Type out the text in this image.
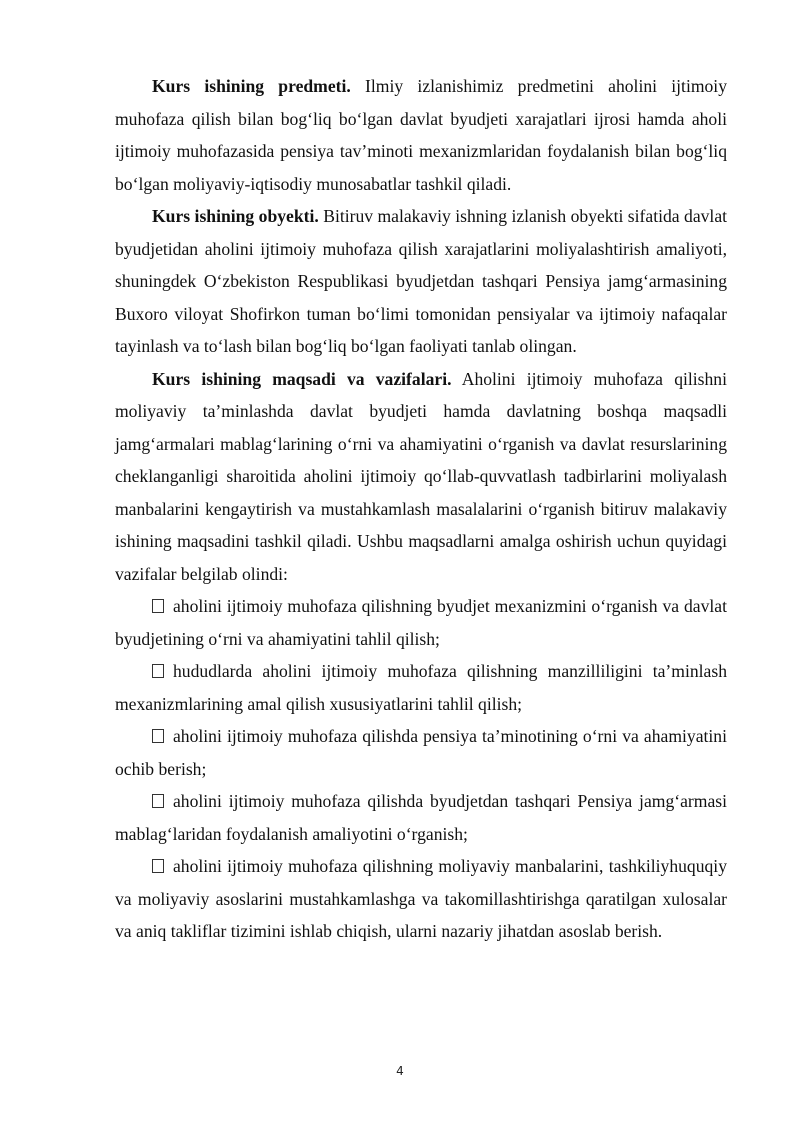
Kurs ishining predmeti. Ilmiy izlanishimiz predmetini aholini ijtimoiy muhofaza qilish bilan bog‘liq bo‘lgan davlat byudjeti xarajatlari ijrosi hamda aholi ijtimoiy muhofazasida pensiya tav’minoti mexanizmlaridan foydalanish bilan bog‘liq bo‘lgan moliyaviy-iqtisodiy munosabatlar tashkil qiladi.

Kurs ishining obyekti. Bitiruv malakaviy ishning izlanish obyekti sifatida davlat byudjetidan aholini ijtimoiy muhofaza qilish xarajatlarini moliyalashtirish amaliyoti, shuningdek O‘zbekiston Respublikasi byudjetdan tashqari Pensiya jamg‘armasining Buxoro viloyat Shofirkon tuman bo‘limi tomonidan pensiyalar va ijtimoiy nafaqalar tayinlash va to‘lash bilan bog‘liq bo‘lgan faoliyati tanlab olingan.

Kurs ishining maqsadi va vazifalari. Aholini ijtimoiy muhofaza qilishni moliyaviy ta’minlashda davlat byudjeti hamda davlatning boshqa maqsadli jamg‘armalari mablag‘larining o‘rni va ahamiyatini o‘rganish va davlat resurslarining cheklanganligi sharoitida aholini ijtimoiy qo‘llab-quvvatlash tadbirlarini moliyalash manbalarini kengaytirish va mustahkamlash masalalarini o‘rganish bitiruv malakaviy ishining maqsadini tashkil qiladi. Ushbu maqsadlarni amalga oshirish uchun quyidagi vazifalar belgilab olindi:

aholini ijtimoiy muhofaza qilishning byudjet mexanizmini o‘rganish va davlat byudjetining o‘rni va ahamiyatini tahlil qilish;

hududlarda aholini ijtimoiy muhofaza qilishning manzilliligini ta’minlash mexanizmlarining amal qilish xususiyatlarini tahlil qilish;

aholini ijtimoiy muhofaza qilishda pensiya ta’minotining o‘rni va ahamiyatini ochib berish;

aholini ijtimoiy muhofaza qilishda byudjetdan tashqari Pensiya jamg‘armasi mablag‘laridan foydalanish amaliyotini o‘rganish;

aholini ijtimoiy muhofaza qilishning moliyaviy manbalarini, tashkiliyhuquqiy va moliyaviy asoslarini mustahkamlashga va takomillashtirishga qaratilgan xulosalar va aniq takliflar tizimini ishlab chiqish, ularni nazariy jihatdan asoslab berish.

4
